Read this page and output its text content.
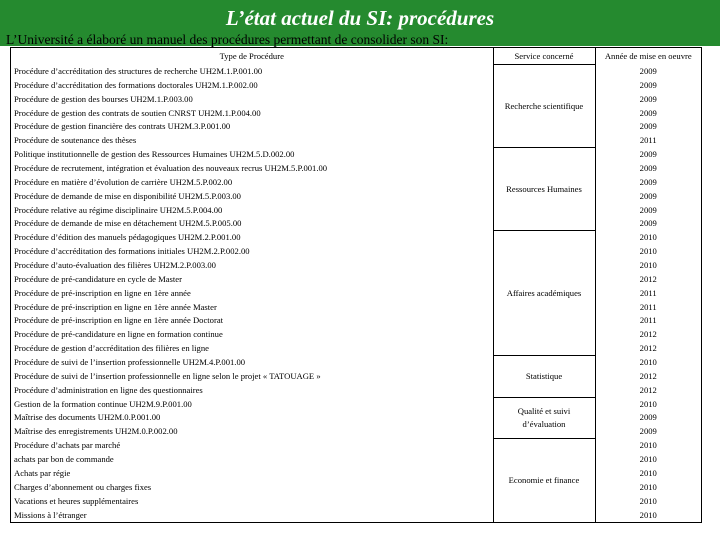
L’état actuel du SI: procédures
L’Université a élaboré un manuel des procédures permettant de consolider son SI:
Type de Procédure	Service concerné	Année de mise en oeuvre
Procédure d’accréditation des structures de recherche UH2M.1.P.001.00	Recherche scientifique	2009
Procédure d’accréditation des formations doctorales UH2M.1.P.002.00		2009
Procédure de gestion des bourses UH2M.1.P.003.00		2009
Procédure de gestion des contrats de soutien CNRST UH2M.1.P.004.00		2009
Procédure de gestion financière des contrats UH2M.3.P.001.00		2009
Procédure de soutenance des thèses		2011
Politique institutionnelle de gestion des Ressources Humaines UH2M.5.D.002.00	Ressources Humaines	2009
Procédure de recrutement, intégration et évaluation des nouveaux recrus UH2M.5.P.001.00		2009
Procédure en matière d’évolution de carrière UH2M.5.P.002.00		2009
Procédure de demande de mise en disponibilité UH2M.5.P.003.00		2009
Procédure relative au régime disciplinaire UH2M.5.P.004.00		2009
Procédure de demande de mise en détachement UH2M.5.P.005.00		2009
Procédure d’édition des manuels pédagogiques UH2M.2.P.001.00	Affaires académiques	2010
Procédure d’accréditation des formations initiales UH2M.2.P.002.00		2010
Procédure d’auto-évaluation des filières UH2M.2.P.003.00		2010
Procédure de pré-candidature en cycle de Master		2012
Procédure de pré-inscription en ligne en 1ère année		2011
Procédure de pré-inscription en ligne en 1ère année Master		2011
Procédure de pré-inscription en ligne en 1ère année Doctorat		2011
Procédure de pré-candidature en ligne en formation continue		2012
Procédure de gestion d’accréditation des filières en ligne		2012
Procédure de suivi de l’insertion professionnelle UH2M.4.P.001.00	Statistique	2010
Procédure de suivi de l’insertion professionnelle en ligne selon le projet « TATOUAGE »		2012
Procédure d’administration en ligne des questionnaires		2012
Gestion de la formation continue UH2M.9.P.001.00	Qualité et suivi d’évaluation	2010
Maîtrise des documents UH2M.0.P.001.00		2009
Maîtrise des enregistrements UH2M.0.P.002.00		2009
Procédure d’achats par marché	Economie et finance	2010
achats par bon de commande		2010
Achats par régie		2010
Charges d’abonnement ou charges fixes		2010
Vacations et heures supplémentaires		2010
Missions à l’étranger		2010
